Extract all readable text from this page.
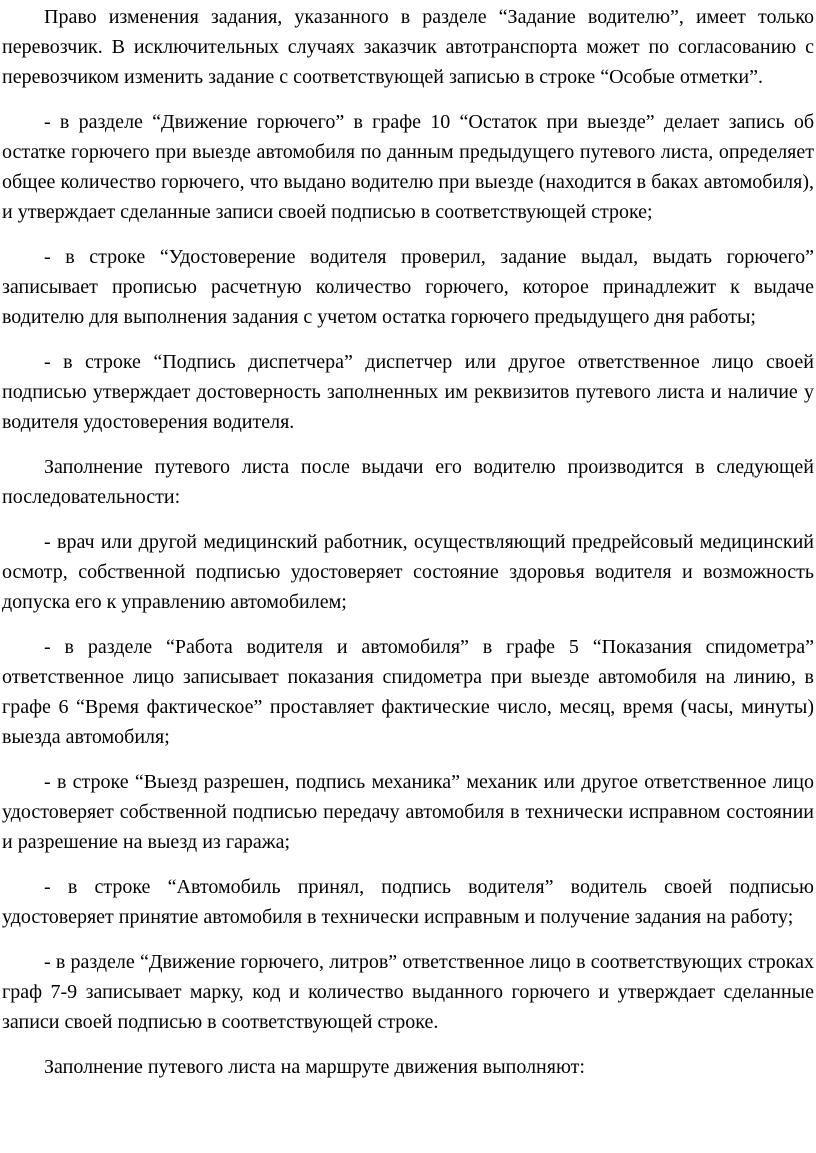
Право изменения задания, указанного в разделе “Задание водителю”, имеет только перевозчик. В исключительных случаях заказчик автотранспорта может по согласованию с перевозчиком изменить задание с соответствующей записью в строке “Особые отметки”.

- в разделе “Движение горючего” в графе 10 “Остаток при выезде” делает запись об остатке горючего при выезде автомобиля по данным предыдущего путевого листа, определяет общее количество горючего, что выдано водителю при выезде (находится в баках автомобиля), и утверждает сделанные записи своей подписью в соответствующей строке;

- в строке “Удостоверение водителя проверил, задание выдал, выдать горючего” записывает прописью расчетную количество горючего, которое принадлежит к выдаче водителю для выполнения задания с учетом остатка горючего предыдущего дня работы;

- в строке “Подпись диспетчера” диспетчер или другое ответственное лицо своей подписью утверждает достоверность заполненных им реквизитов путевого листа и наличие у водителя удостоверения водителя.

Заполнение путевого листа после выдачи его водителю производится в следующей последовательности:

- врач или другой медицинский работник, осуществляющий предрейсовый медицинский осмотр, собственной подписью удостоверяет состояние здоровья водителя и возможность допуска его к управлению автомобилем;

- в разделе “Работа водителя и автомобиля” в графе 5 “Показания спидометра” ответственное лицо записывает показания спидометра при выезде автомобиля на линию, в графе 6 “Время фактическое” проставляет фактические число, месяц, время (часы, минуты) выезда автомобиля;

- в строке “Выезд разрешен, подпись механика” механик или другое ответственное лицо удостоверяет собственной подписью передачу автомобиля в технически исправном состоянии и разрешение на выезд из гаража;

- в строке “Автомобиль принял, подпись водителя” водитель своей подписью удостоверяет принятие автомобиля в технически исправным и получение задания на работу;

- в разделе “Движение горючего, литров” ответственное лицо в соответствующих строках граф 7-9 записывает марку, код и количество выданного горючего и утверждает сделанные записи своей подписью в соответствующей строке.

Заполнение путевого листа на маршруте движения выполняют:
